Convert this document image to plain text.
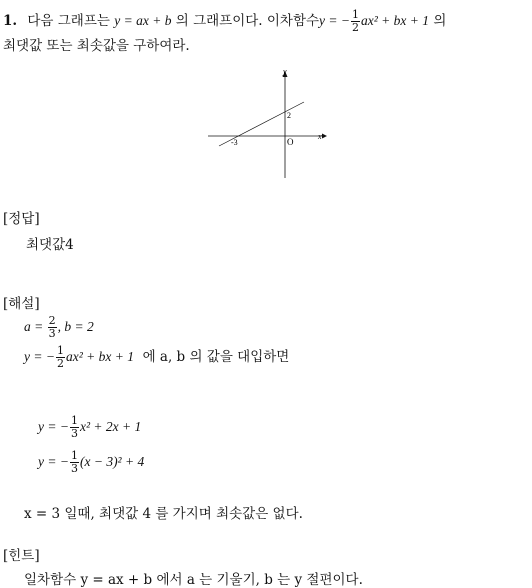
1. 다음 그래프는 y = ax + b 의 그래프이다. 이차함수y = − $\frac{1}{2} ax^2$ + bx + 1 의
최댓값 또는 최솟값을 구하여라.
y
x
2
-3	O
[정답]
최댓값4
[해설]
$a = \frac{2}{3}$ , b = 2
y = − $\frac{1}{2} ax^2$ + bx + 1 에 a, b 의 값을 대입하면
y = − $\frac{1}{3} x^2 + 2x + 1$
y = − $\frac{1}{3} (x - 3)^2 + 4$
x = 3 일때, 최댓값 4 를 가지며 최솟값은 없다.
[힌트]
일차함수 y = ax + b 에서 a 는 기울기, b 는 y 절편이다.
